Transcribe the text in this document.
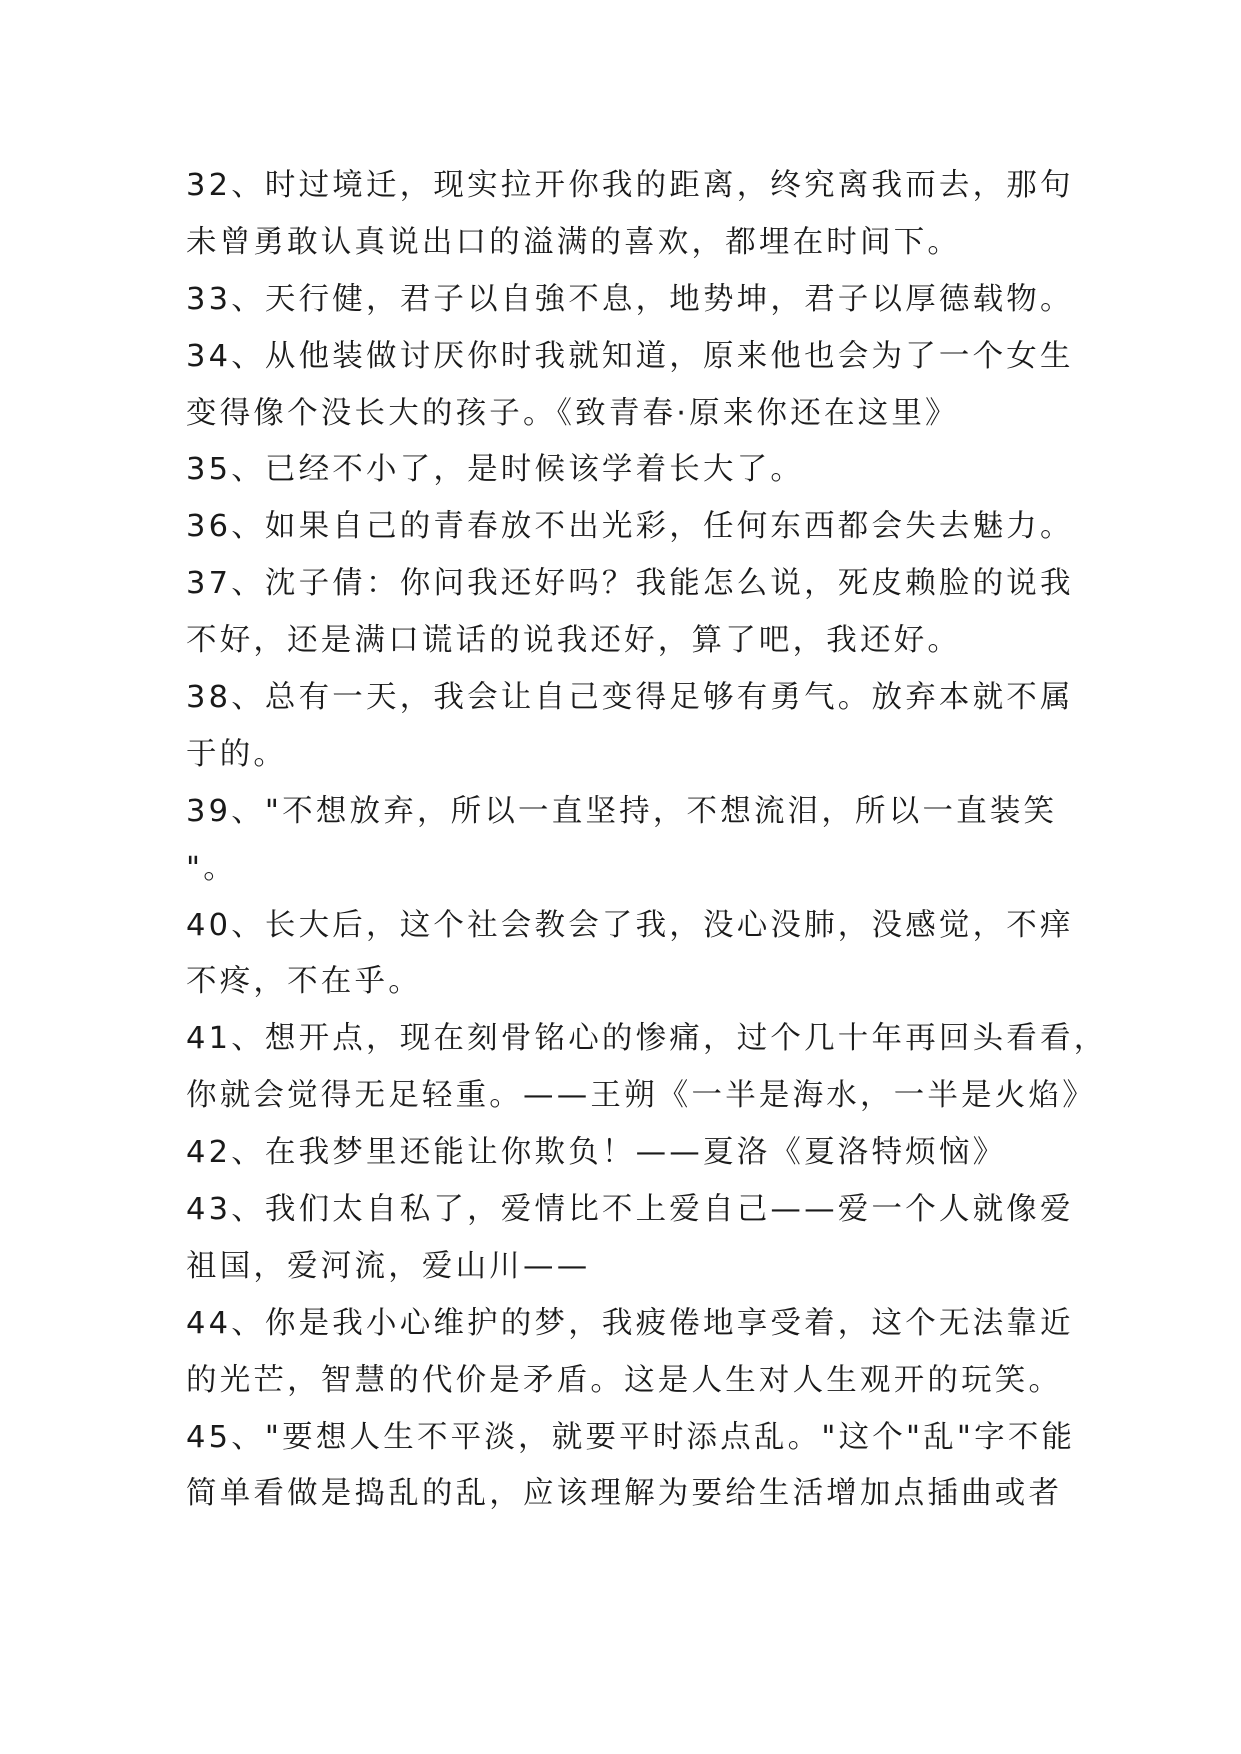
32、时过境迁，现实拉开你我的距离，终究离我而去，那句
未曾勇敢认真说出口的溢满的喜欢，都埋在时间下。
33、天行健，君子以自強不息，地势坤，君子以厚德载物。
34、从他装做讨厌你时我就知道，原来他也会为了一个女生
变得像个没长大的孩子。《致青春·原来你还在这里》
35、已经不小了，是时候该学着长大了。
36、如果自己的青春放不出光彩，任何东西都会失去魅力。
37、沈子倩：你问我还好吗？我能怎么说，死皮赖脸的说我
不好，还是满口谎话的说我还好，算了吧，我还好。
38、总有一天，我会让自己变得足够有勇气。放弃本就不属
于的。
39、"不想放弃，所以一直坚持，不想流泪，所以一直装笑
"。
40、长大后，这个社会教会了我，没心没肺，没感觉，不痒
不疼，不在乎。
41、想开点，现在刻骨铭心的惨痛，过个几十年再回头看看，
你就会觉得无足轻重。——王朔《一半是海水，一半是火焰》
42、在我梦里还能让你欺负！——夏洛《夏洛特烦恼》
43、我们太自私了，爱情比不上爱自己——爱一个人就像爱
祖国，爱河流，爱山川——
44、你是我小心维护的梦，我疲倦地享受着，这个无法靠近
的光芒，智慧的代价是矛盾。这是人生对人生观开的玩笑。
45、"要想人生不平淡，就要平时添点乱。"这个"乱"字不能
简单看做是捣乱的乱，应该理解为要给生活增加点插曲或者
